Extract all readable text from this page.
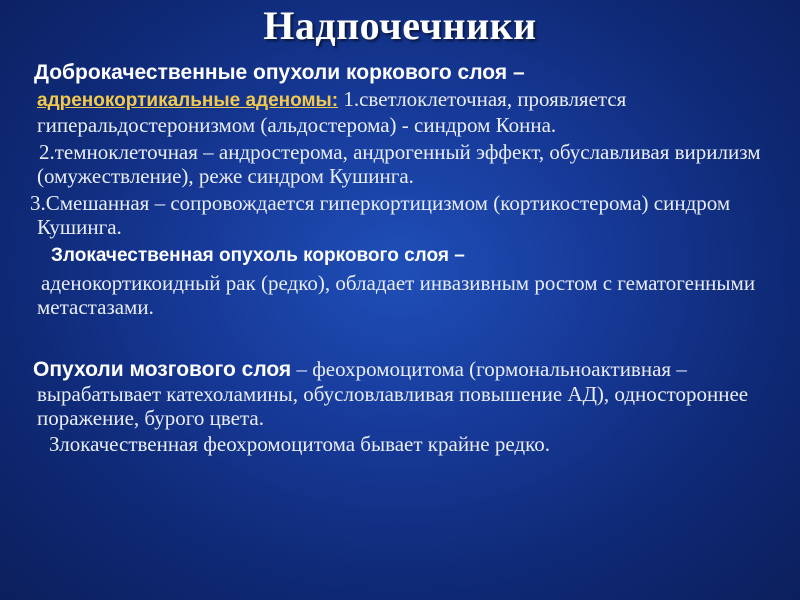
Надпочечники

Доброкачественные опухоли коркового слоя –

адренокортикальные аденомы: 1.светлоклеточная, проявляется гиперальдостеронизмом (альдостерома) - синдром Конна.

2.темноклеточная – андростерома, андрогенный эффект, обуславливая вирилизм (омужествление), реже синдром Кушинга.

3.Смешанная – сопровождается гиперкортицизмом (кортикостерома) синдром Кушинга.

Злокачественная опухоль коркового слоя –

аденокортикоидный рак (редко), обладает инвазивным ростом с гематогенными метастазами.

Опухоли мозгового слоя – феохромоцитома (гормональноактивная – вырабатывает катехоламины, обусловлавливая повышение АД), одностороннее поражение, бурого цвета.

Злокачественная феохромоцитома бывает крайне редко.
